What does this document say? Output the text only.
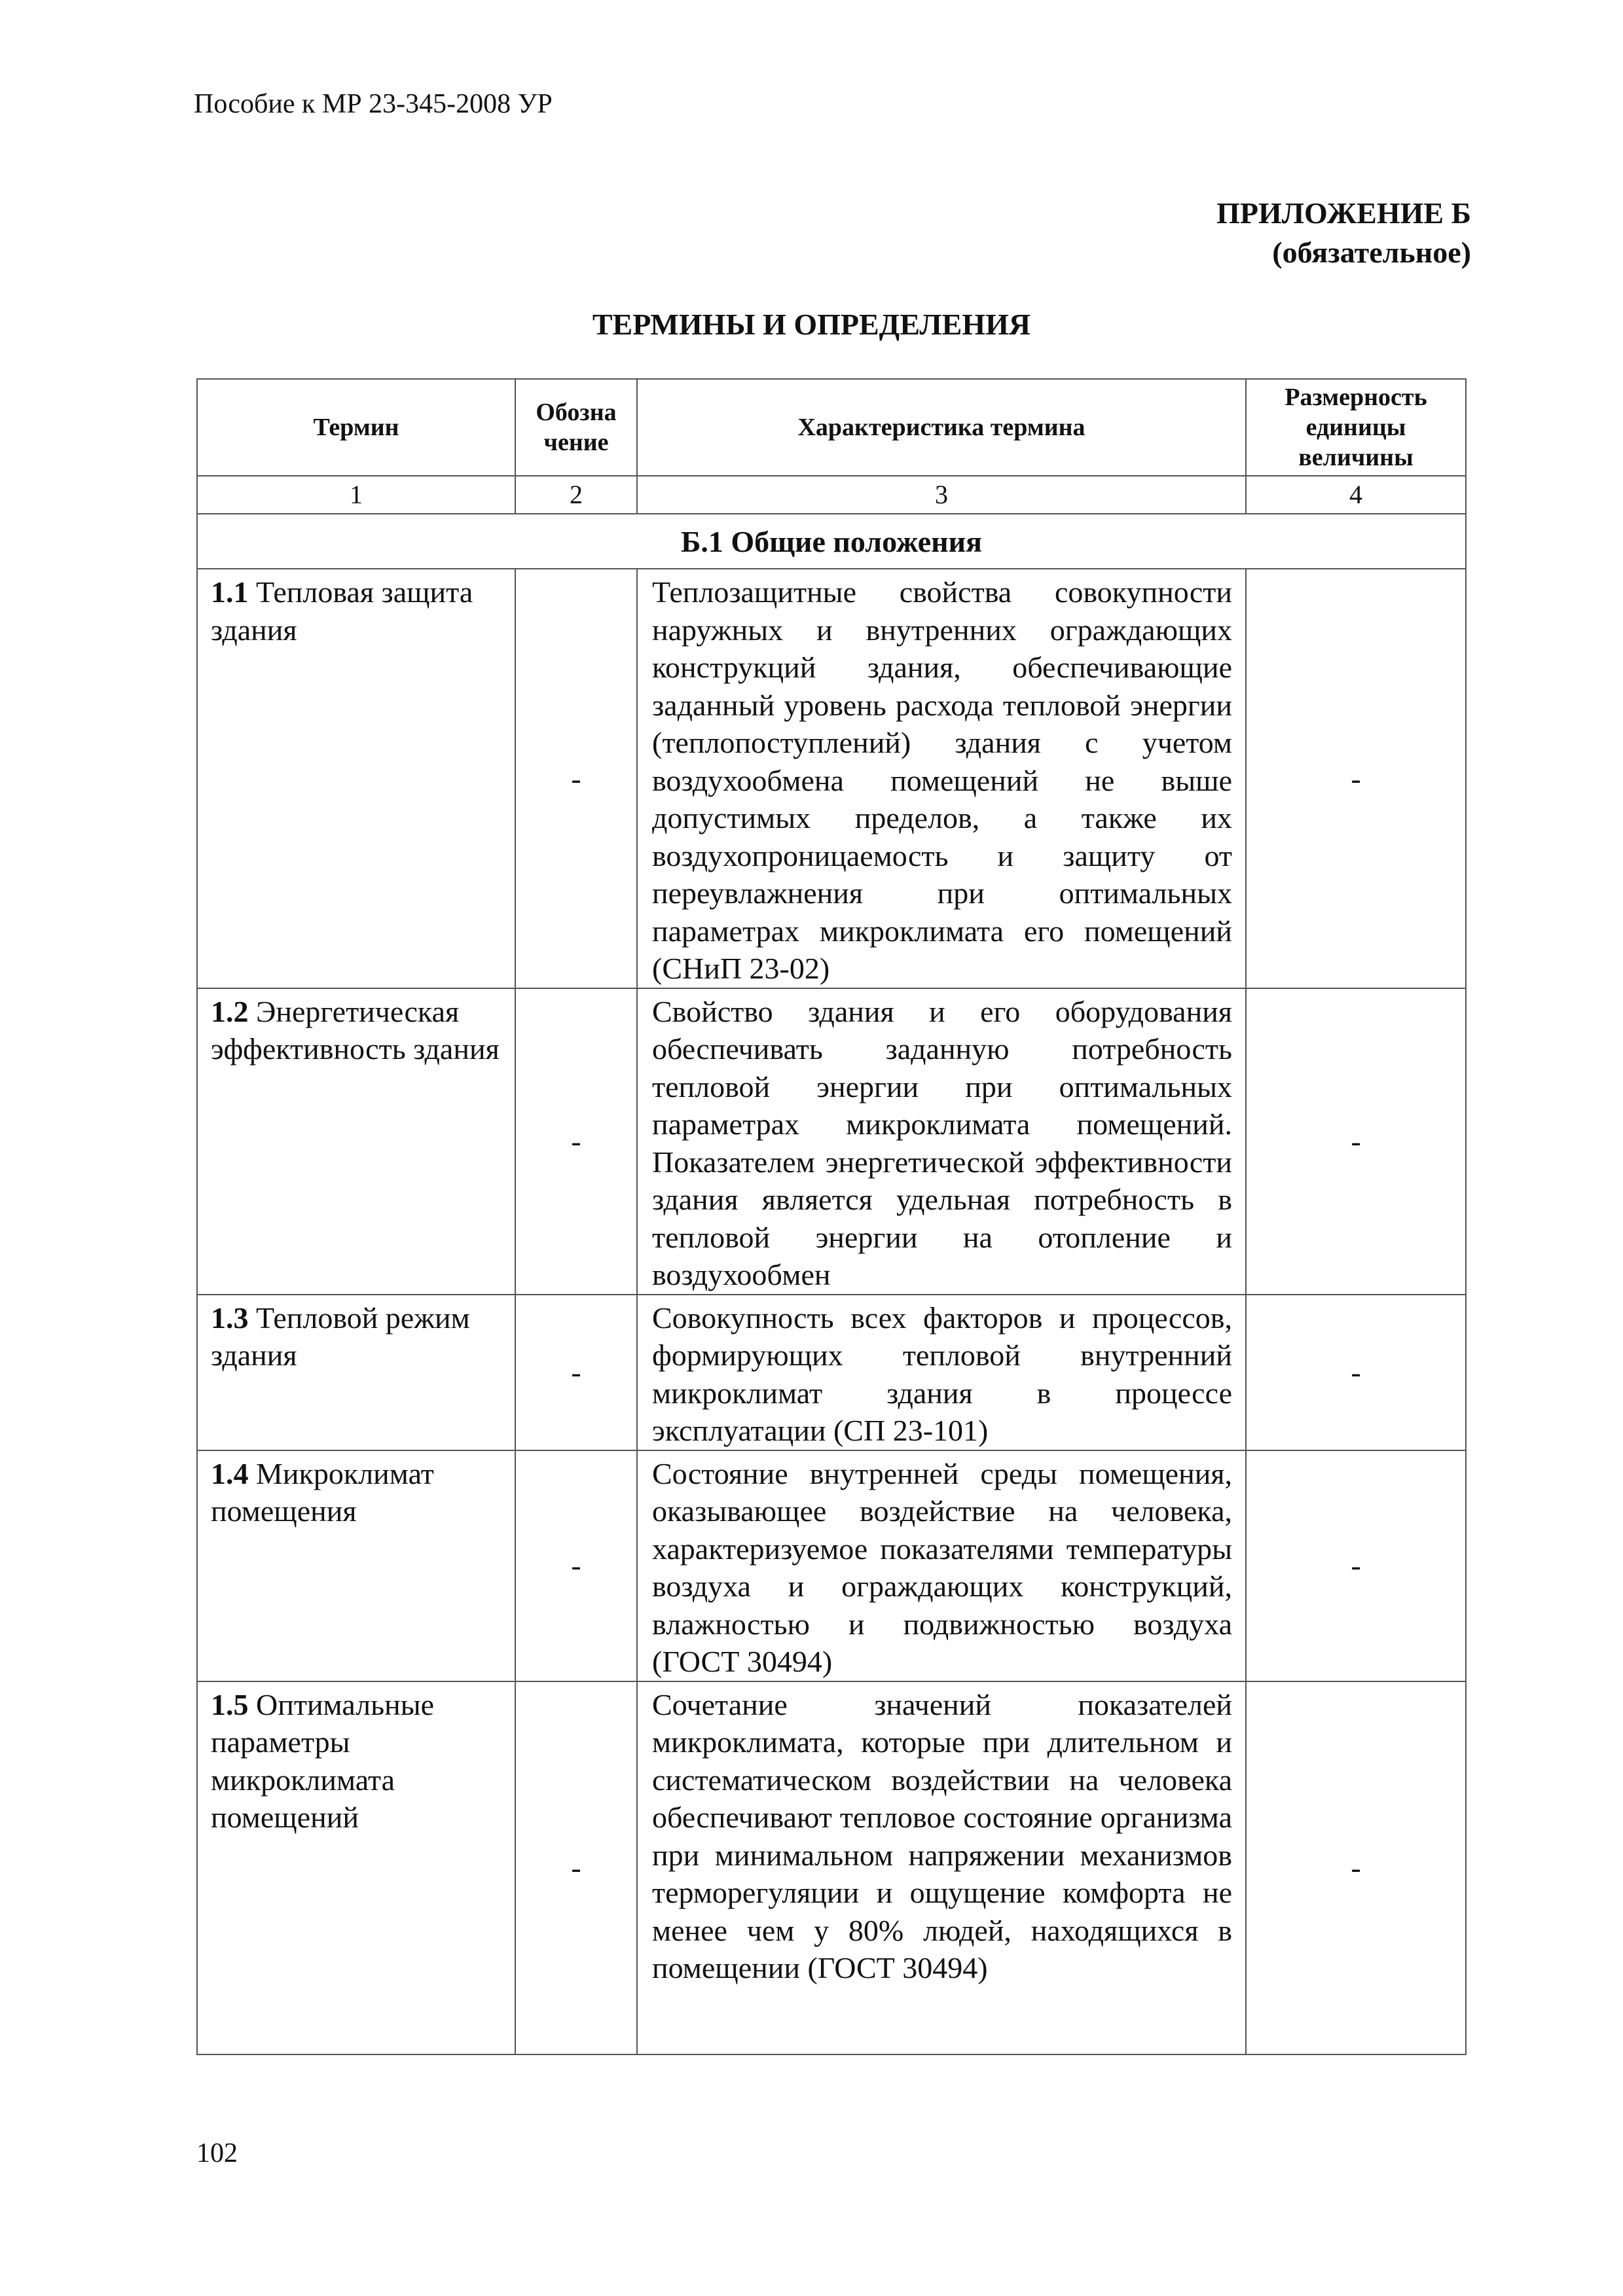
Пособие к МР 23-345-2008 УР
ПРИЛОЖЕНИЕ Б
(обязательное)
ТЕРМИНЫ И ОПРЕДЕЛЕНИЯ
Термин	Обозна чение	Характеристика термина	Размерность единицы величины
1	2	3	4
Б.1 Общие положения			
1.1 Тепловая защита здания	-	Теплозащитные свойства совокупности наружных и внутренних ограждающих конструкций здания, обеспечивающие заданный уровень расхода тепловой энергии (теплопоступлений) здания с учетом воздухообмена помещений не выше допустимых пределов, а также их воздухопроницаемость и защиту от переувлажнения при оптимальных параметрах микроклимата его помещений (СНиП 23-02)	-
1.2 Энергетическая эффективность здания	-	Свойство здания и его оборудования обеспечивать заданную потребность тепловой энергии при оптимальных параметрах микроклимата помещений. Показателем энергетической эффективности здания является удельная потребность в тепловой энергии на отопление и воздухообмен	-
1.3 Тепловой режим здания	-	Совокупность всех факторов и процессов, формирующих тепловой внутренний микроклимат здания в процессе эксплуатации (СП 23-101)	-
1.4 Микроклимат помещения	-	Состояние внутренней среды помещения, оказывающее воздействие на человека, характеризуемое показателями температуры воздуха и ограждающих конструкций, влажностью и подвижностью воздуха (ГОСТ 30494)	-
1.5 Оптимальные параметры микроклимата помещений	-	Сочетание значений показателей микроклимата, которые при длительном и систематическом воздействии на человека обеспечивают тепловое состояние организма при минимальном напряжении механизмов терморегуляции и ощущение комфорта не менее чем у 80% людей, находящихся в помещении (ГОСТ 30494)	-
102
